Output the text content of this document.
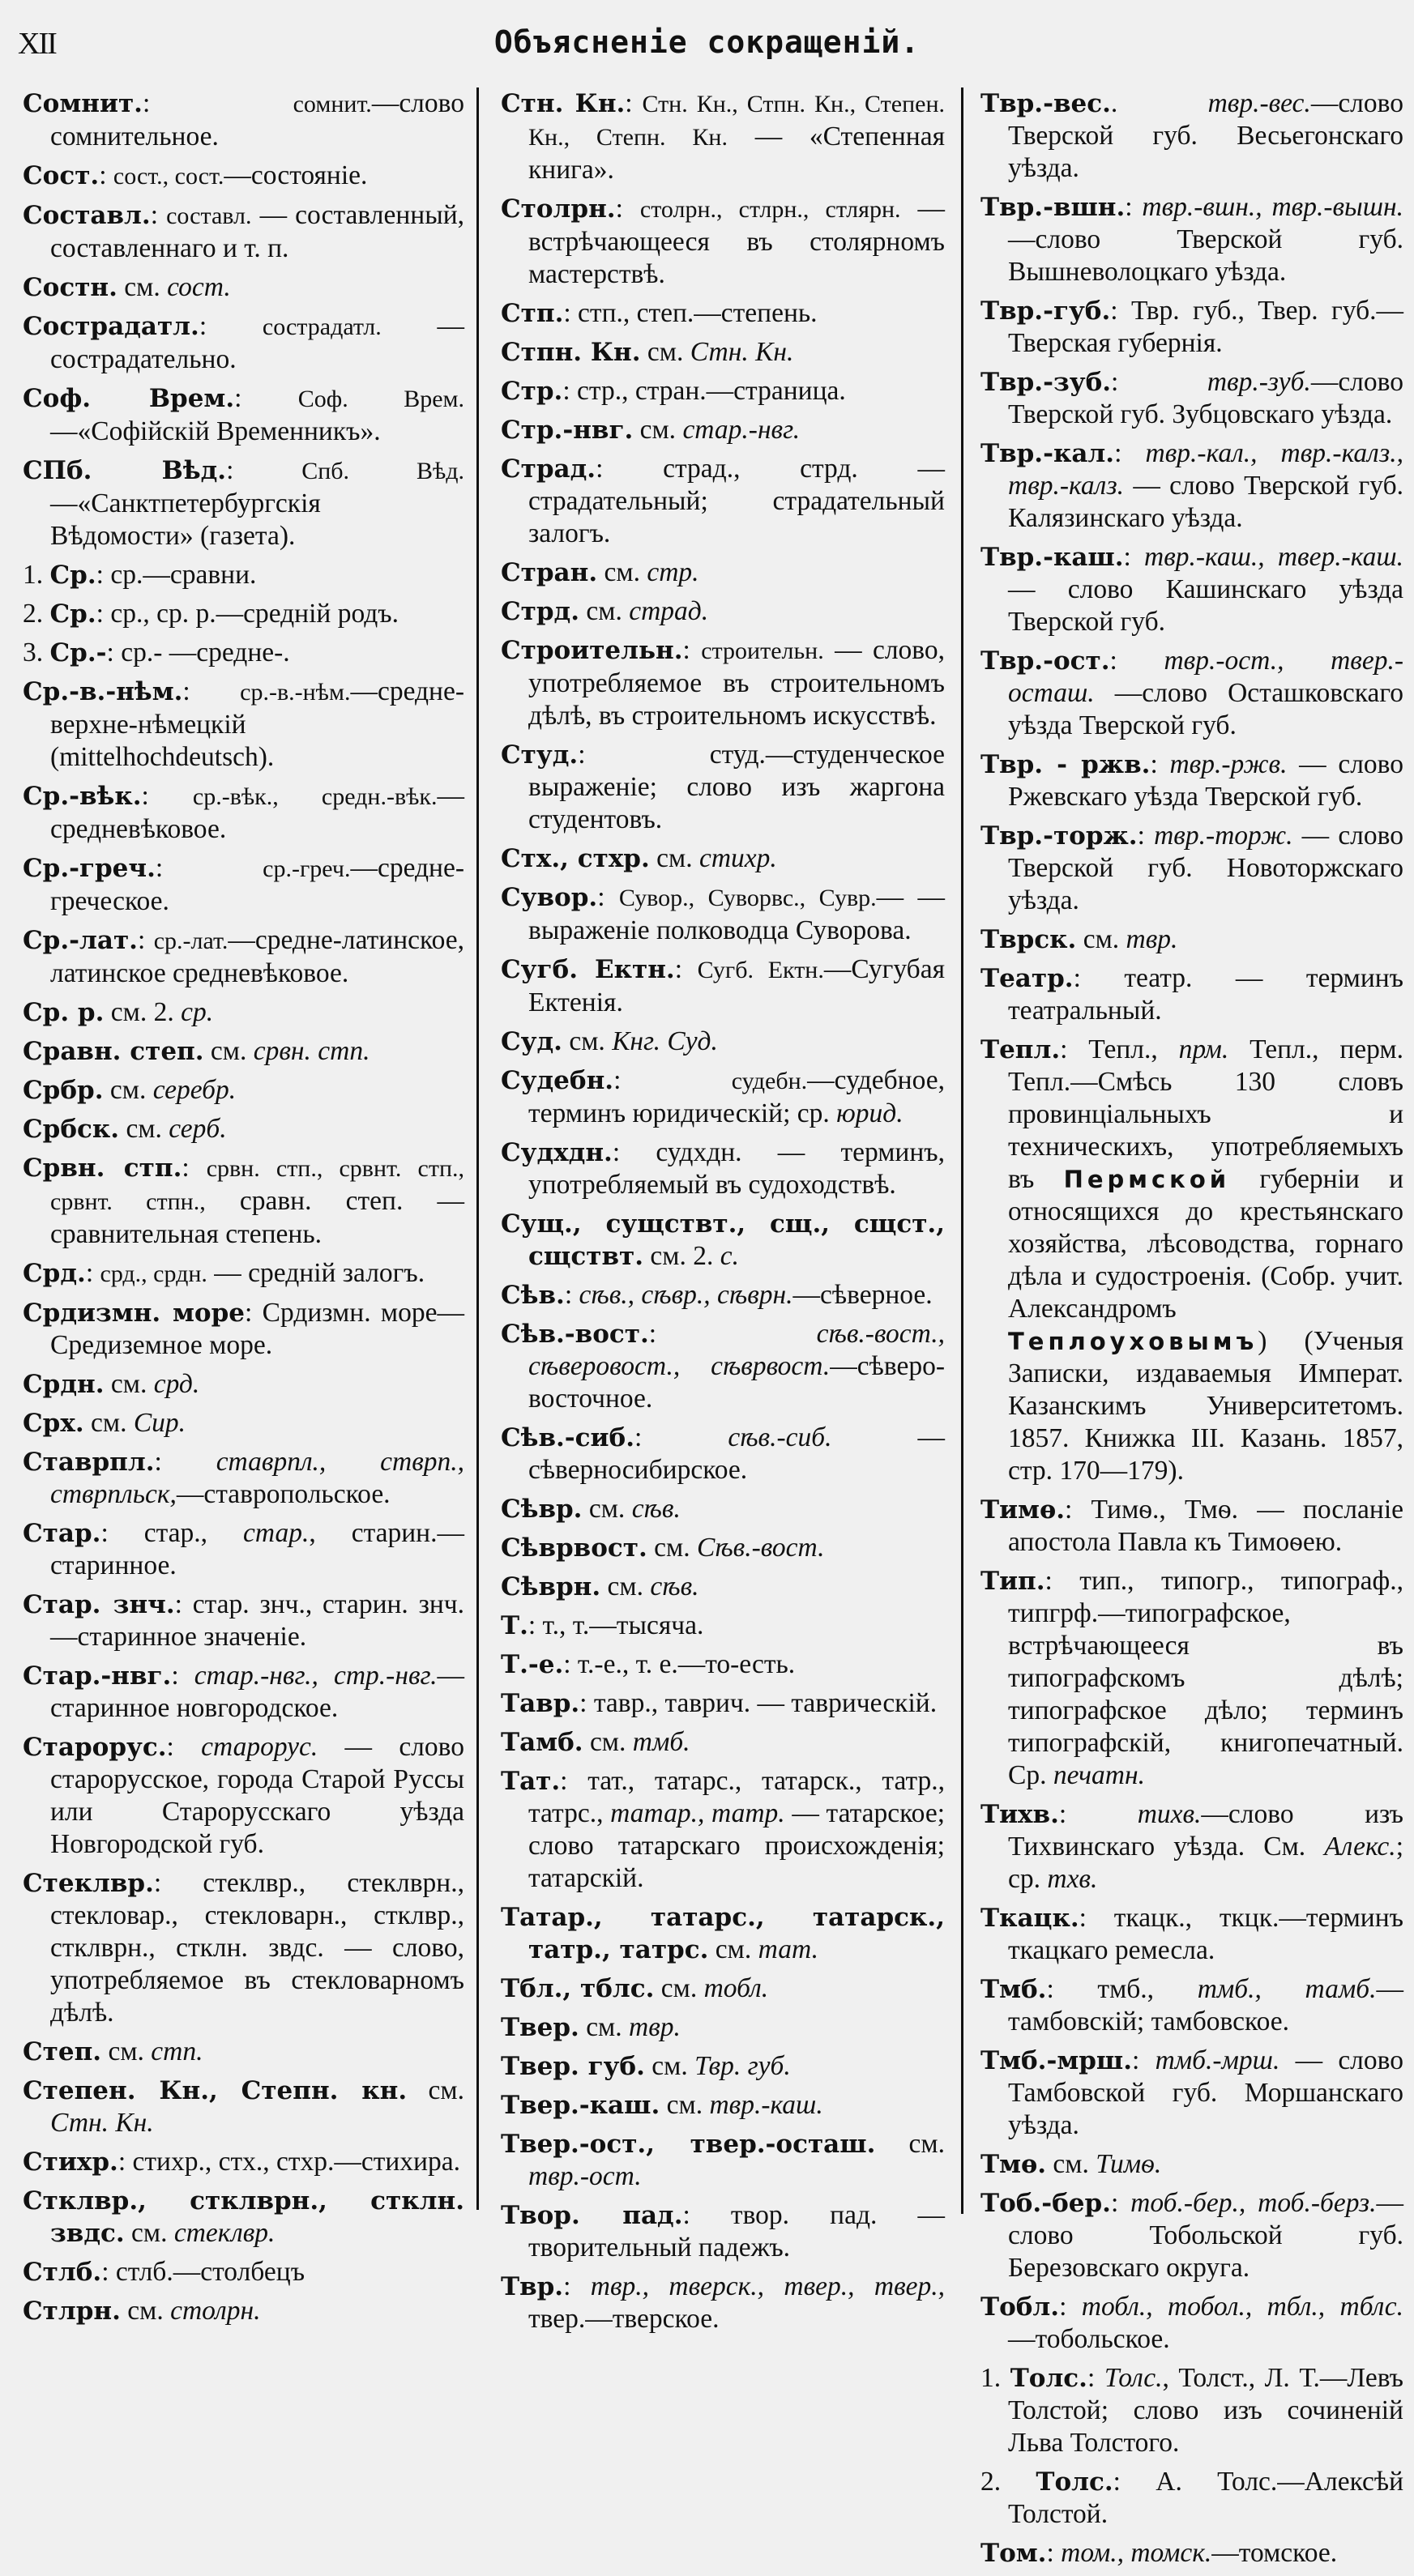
XII	Объясненіе сокращеній.
Сомнит.: сомнит.—слово сомнительное.
Сост.: сост., сост.—состояніе.
Составл.: составл. — составленный, составленнаго и т. п.
Состн. см. сост.
Сострадатл.: сострадатл. — сострадательно.
Соф. Врем.: Соф. Врем.—«Софійскій Временникъ».
СПб. Вѣд.: Спб. Вѣд.—«Санктпетербургскія Вѣдомости» (газета).
1. Ср.: ср.—сравни.
2. Ср.: ср., ср. р.—средній родъ.
3. Ср.-: ср.- —средне-.
Ср.-в.-нѣм.: ср.-в.-нѣм.—средне-верхне-нѣмецкій (mittelhochdeutsch).
Ср.-вѣк.: ср.-вѣк., средн.-вѣк.—средневѣковое.
Ср.-греч.: ср.-греч.—средне-греческое.
Ср.-лат.: ср.-лат.—средне-латинское, латинское средневѣковое.
Ср. р. см. 2. ср.
Сравн. степ. см. срвн. стп.
Србр. см. серебр.
Србск. см. серб.
Срвн. стп.: срвн. стп., срвнт. стп., срвнт. стпн., сравн. степ. —сравнительная степень.
Срд.: срд., срдн. — средній залогъ.
Срдизмн. море: Срдизмн. море—Средиземное море.
Срдн. см. срд.
Срх. см. Сир.
Ставрпл.: ставрпл., стврп., стврпльск,—ставропольское.
Стар.: стар., стар., старин.—старинное.
Стар. знч.: стар. знч., старин. знч.—старинное значеніе.
Стар.-нвг.: стар.-нвг., стр.-нвг.—старинное новгородское.
Старорус.: старорус. — слово старорусское, города Старой Руссы или Старорусскаго уѣзда Новгородской губ.
Стеклвр.: стеклвр., стеклврн., стекловар., стекловарн., стклвр., стклврн., стклн. звдс. — слово, употребляемое въ стекловарномъ дѣлѣ.
Степ. см. стп.
Степен. Кн., Степн. кн. см. Стн. Кн.
Стихр.: стихр., стх., стхр.—стихира.
Стклвр., стклврн., стклн. звдс. см. стеклвр.
Стлб.: стлб.—столбецъ
Стлрн. см. столрн.
Стн. Кн.: Стн. Кн., Стпн. Кн., Степен. Кн., Степн. Кн. — «Степенная книга».
Столрн.: столрн., стлрн., стлярн. —встрѣчающееся въ столярномъ мастерствѣ.
Стп.: стп., степ.—степень.
Стпн. Кн. см. Стн. Кн.
Стр.: стр., стран.—страница.
Стр.-нвг. см. стар.-нвг.
Страд.: страд., стрд. — страдательный; страдательный залогъ.
Стран. см. стр.
Стрд. см. страд.
Строительн.: строительн. — слово, употребляемое въ строительномъ дѣлѣ, въ строительномъ искусствѣ.
Студ.: студ.—студенческое выраженіе; слово изъ жаргона студентовъ.
Стх., стхр. см. стихр.
Сувор.: Сувор., Суворвс., Сувр.— —выраженіе полководца Суворова.
Сугб. Ектн.: Сугб. Ектн.—Сугубая Ектенія.
Суд. см. Кнг. Суд.
Судебн.: судебн.—судебное, терминъ юридическій; ср. юрид.
Судхдн.: судхдн. — терминъ, употребляемый въ судоходствѣ.
Сущ., сущствт., сщ., сщст., сщствт. см. 2. с.
Сѣв.: сѣв., сѣвр., сѣврн.—сѣверное.
Сѣв.-вост.: сѣв.-вост., сѣверовост., сѣврвост.—сѣверо-восточное.
Сѣв.-сиб.: сѣв.-сиб. — сѣверносибирское.
Сѣвр. см. сѣв.
Сѣврвост. см. Сѣв.-вост.
Сѣврн. см. сѣв.
Т.: т., т.—тысяча.
Т.-е.: т.-е., т. е.—то-есть.
Тавр.: тавр., таврич. — таврическій.
Тамб. см. тмб.
Тат.: тат., татарс., татарск., татр., татрс., татар., татр. — татарское; слово татарскаго происхожденія; татарскій.
Татар., татарс., татарск., татр., татрс. см. тат.
Тбл., тблс. см. тобл.
Твер. см. твр.
Твер. губ. см. Твр. губ.
Твер.-каш. см. твр.-каш.
Твер.-ост., твер.-осташ. см. твр.-ост.
Твор. пад.: твор. пад. — творительный падежъ.
Твр.: твр., тверск., твер., твер., твер.—тверское.
Твр.-вес.. твр.-вес.—слово Тверской губ. Весьегонскаго уѣзда.
Твр.-вшн.: твр.-вшн., твр.-вышн. —слово Тверской губ. Вышневолоцкаго уѣзда.
Твр.-губ.: Твр. губ., Твер. губ.—Тверская губернія.
Твр.-зуб.: твр.-зуб.—слово Тверской губ. Зубцовскаго уѣзда.
Твр.-кал.: твр.-кал., твр.-калз., твр.-калз. — слово Тверской губ. Калязинскаго уѣзда.
Твр.-каш.: твр.-каш., твер.-каш. — слово Кашинскаго уѣзда Тверской губ.
Твр.-ост.: твр.-ост., твер.-осташ. —слово Осташковскаго уѣзда Тверской губ.
Твр. - ржв.: твр.-ржв. — слово Ржевскаго уѣзда Тверской губ.
Твр.-торж.: твр.-торж. — слово Тверской губ. Новоторжскаго уѣзда.
Тврск. см. твр.
Театр.: театр. — терминъ театральный.
Тепл.: Тепл., прм. Тепл., перм. Тепл.—Смѣсь 130 словъ провинціальныхъ и техническихъ, употребляемыхъ въ Пермской губерніи и относящихся до крестьянскаго хозяйства, лѣсоводства, горнаго дѣла и судостроенія. (Собр. учит. Александромъ Теплоуховымъ) (Ученыя Записки, издаваемыя Императ. Казанскимъ Университетомъ. 1857. Книжка III. Казань. 1857, стр. 170—179).
Тимѳ.: Тимѳ., Тмѳ. — посланіе апостола Павла къ Тимоѳею.
Тип.: тип., типогр., типограф., типгрф.—типографское, встрѣчающееся въ типографскомъ дѣлѣ; типографское дѣло; терминъ типографскій, книгопечатный. Ср. печатн.
Тихв.: тихв.—слово изъ Тихвинскаго уѣзда. См. Алекс.; ср. тхв.
Ткацк.: ткацк., ткцк.—терминъ ткацкаго ремесла.
Тмб.: тмб., тмб., тамб.—тамбовскій; тамбовское.
Тмб.-мрш.: тмб.-мрш. — слово Тамбовской губ. Моршанскаго уѣзда.
Тмѳ. см. Тимѳ.
Тоб.-бер.: тоб.-бер., тоб.-берз.—слово Тобольской губ. Березовскаго округа.
Тобл.: тобл., тобол., тбл., тблс. —тобольское.
1. Толс.: Толс., Толст., Л. Т.—Левъ Толстой; слово изъ сочиненій Льва Толстого.
2. Толс.: А. Толс.—Алексѣй Толстой.
Том.: том., томск.—томское.
